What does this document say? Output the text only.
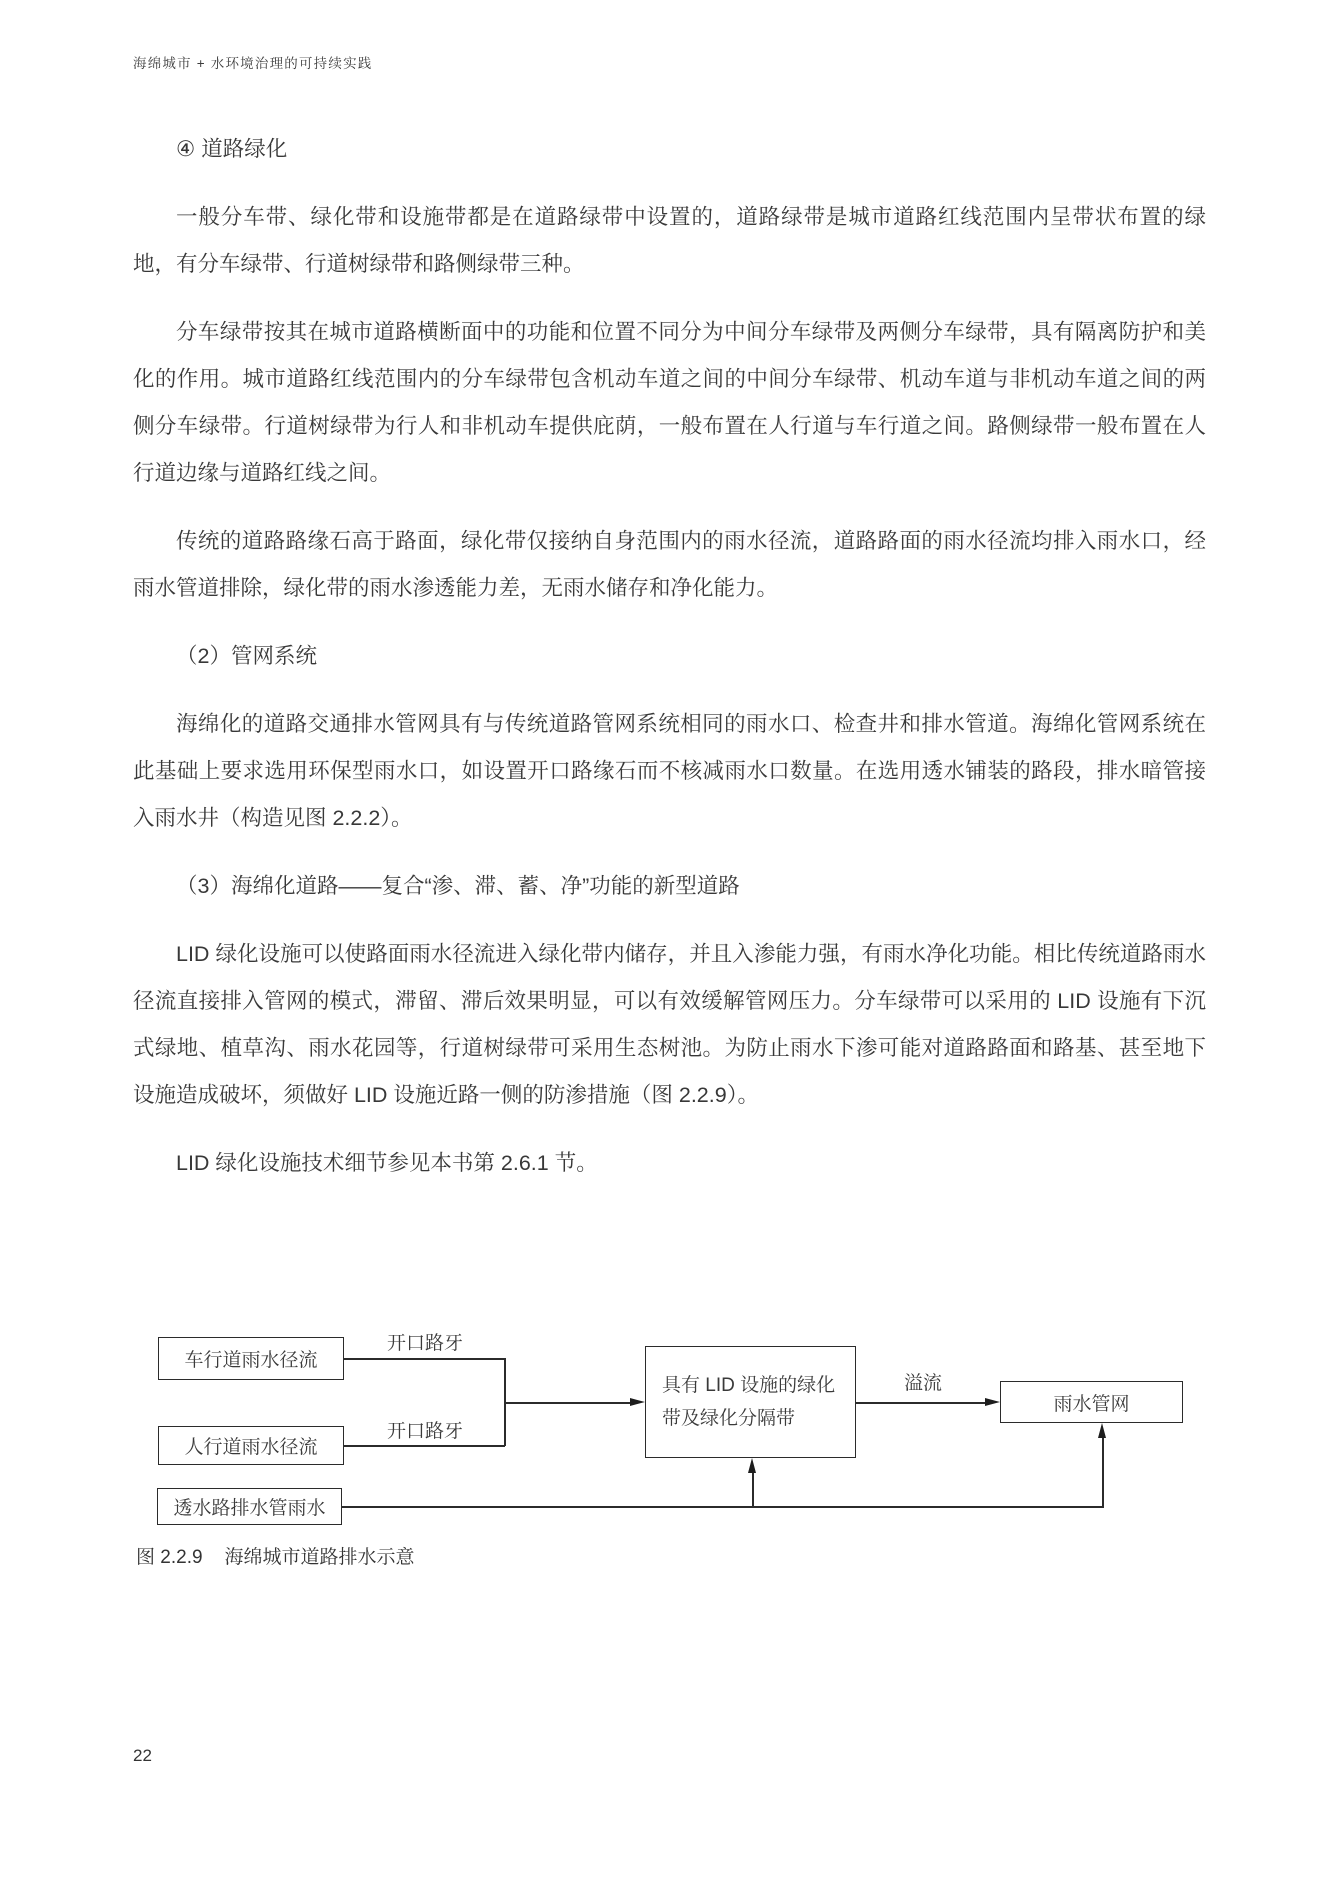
海绵城市 + 水环境治理的可持续实践

④ 道路绿化

一般分车带、绿化带和设施带都是在道路绿带中设置的，道路绿带是城市道路红线范围内呈带状布置的绿地，有分车绿带、行道树绿带和路侧绿带三种。

分车绿带按其在城市道路横断面中的功能和位置不同分为中间分车绿带及两侧分车绿带，具有隔离防护和美化的作用。城市道路红线范围内的分车绿带包含机动车道之间的中间分车绿带、机动车道与非机动车道之间的两侧分车绿带。行道树绿带为行人和非机动车提供庇荫，一般布置在人行道与车行道之间。路侧绿带一般布置在人行道边缘与道路红线之间。

传统的道路路缘石高于路面，绿化带仅接纳自身范围内的雨水径流，道路路面的雨水径流均排入雨水口，经雨水管道排除，绿化带的雨水渗透能力差，无雨水储存和净化能力。

（2）管网系统

海绵化的道路交通排水管网具有与传统道路管网系统相同的雨水口、检查井和排水管道。海绵化管网系统在此基础上要求选用环保型雨水口，如设置开口路缘石而不核减雨水口数量。在选用透水铺装的路段，排水暗管接入雨水井（构造见图 2.2.2）。

（3）海绵化道路——复合“渗、滞、蓄、净”功能的新型道路

LID 绿化设施可以使路面雨水径流进入绿化带内储存，并且入渗能力强，有雨水净化功能。相比传统道路雨水径流直接排入管网的模式，滞留、滞后效果明显，可以有效缓解管网压力。分车绿带可以采用的 LID 设施有下沉式绿地、植草沟、雨水花园等，行道树绿带可采用生态树池。为防止雨水下渗可能对道路路面和路基、甚至地下设施造成破坏，须做好 LID 设施近路一侧的防渗措施（图 2.2.9）。

LID 绿化设施技术细节参见本书第 2.6.1 节。

车行道雨水径流
人行道雨水径流
透水路排水管雨水
具有 LID 设施的绿化
带及绿化分隔带
雨水管网
开口路牙
开口路牙
溢流
图 2.2.9 海绵城市道路排水示意
22
